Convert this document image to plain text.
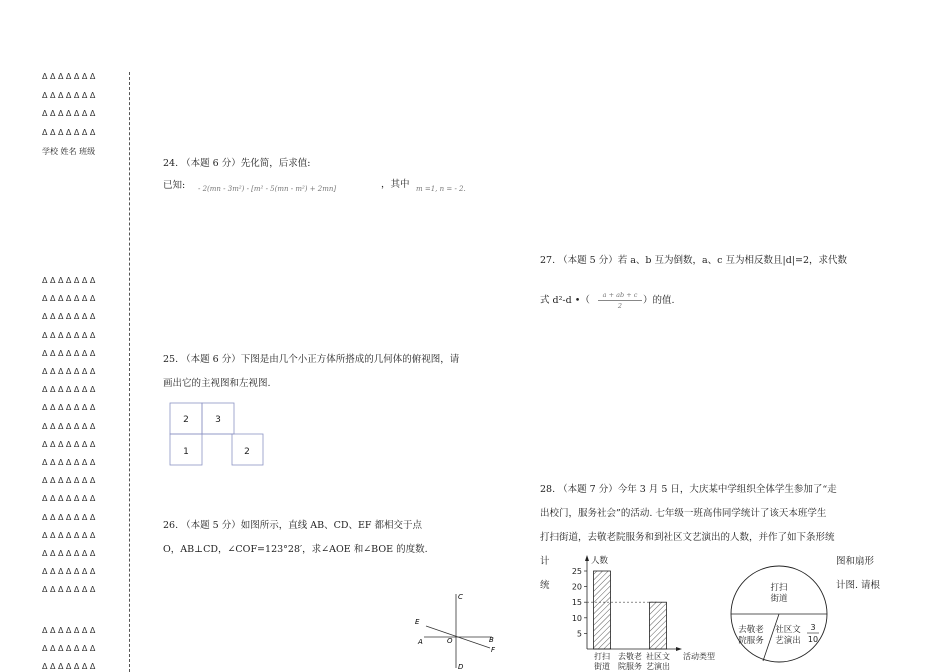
ΔΔΔΔΔΔΔ
ΔΔΔΔΔΔΔ
ΔΔΔΔΔΔΔ
ΔΔΔΔΔΔΔ
学校 姓名 班级
ΔΔΔΔΔΔΔ
ΔΔΔΔΔΔΔ
ΔΔΔΔΔΔΔ
ΔΔΔΔΔΔΔ
ΔΔΔΔΔΔΔ
ΔΔΔΔΔΔΔ
ΔΔΔΔΔΔΔ
ΔΔΔΔΔΔΔ
ΔΔΔΔΔΔΔ
ΔΔΔΔΔΔΔ
ΔΔΔΔΔΔΔ
ΔΔΔΔΔΔΔ
ΔΔΔΔΔΔΔ
ΔΔΔΔΔΔΔ
ΔΔΔΔΔΔΔ
ΔΔΔΔΔΔΔ
ΔΔΔΔΔΔΔ
ΔΔΔΔΔΔΔ
ΔΔΔΔΔΔΔ
ΔΔΔΔΔΔΔ
ΔΔΔΔΔΔΔ
24. （本题 6 分）先化简，后求值:
已知: - 2(mn - 3m²) - [m² - 5(mn - m²) + 2mn]	，其中 m =1, n = - 2.
25. （本题 6 分）下图是由几个小正方体所搭成的几何体的俯视图，请
画出它的主视图和左视图.
2	3
1	2
26. （本题 5 分）如图所示，直线 AB、CD、EF 都相交于点
O，AB⊥CD，∠COF=123°28′，求∠AOE 和∠BOE 的度数.
C
E
A	O	B
F
D
27. （本题 5 分）若 a、b 互为倒数，a、c 互为相反数且|d|=2，求代数
式 d²-d •（ $\frac{a + ab + c}{2}$ ）的值.
28. （本题 7 分）今年 3 月 5 日，大庆某中学组织全体学生参加了“走
出校门，服务社会”的活动. 七年级一班高伟同学统计了该天本班学生
打扫街道，去敬老院服务和到社区文艺演出的人数，并作了如下条形统
计	图和扇形
统	计图. 请根
人数
活动类型
5
10
15
20
25
打扫
街道
去敬老
院服务
社区文
艺演出
打扫
街道
去敬老
院服务
社区文
艺演出
3
10
